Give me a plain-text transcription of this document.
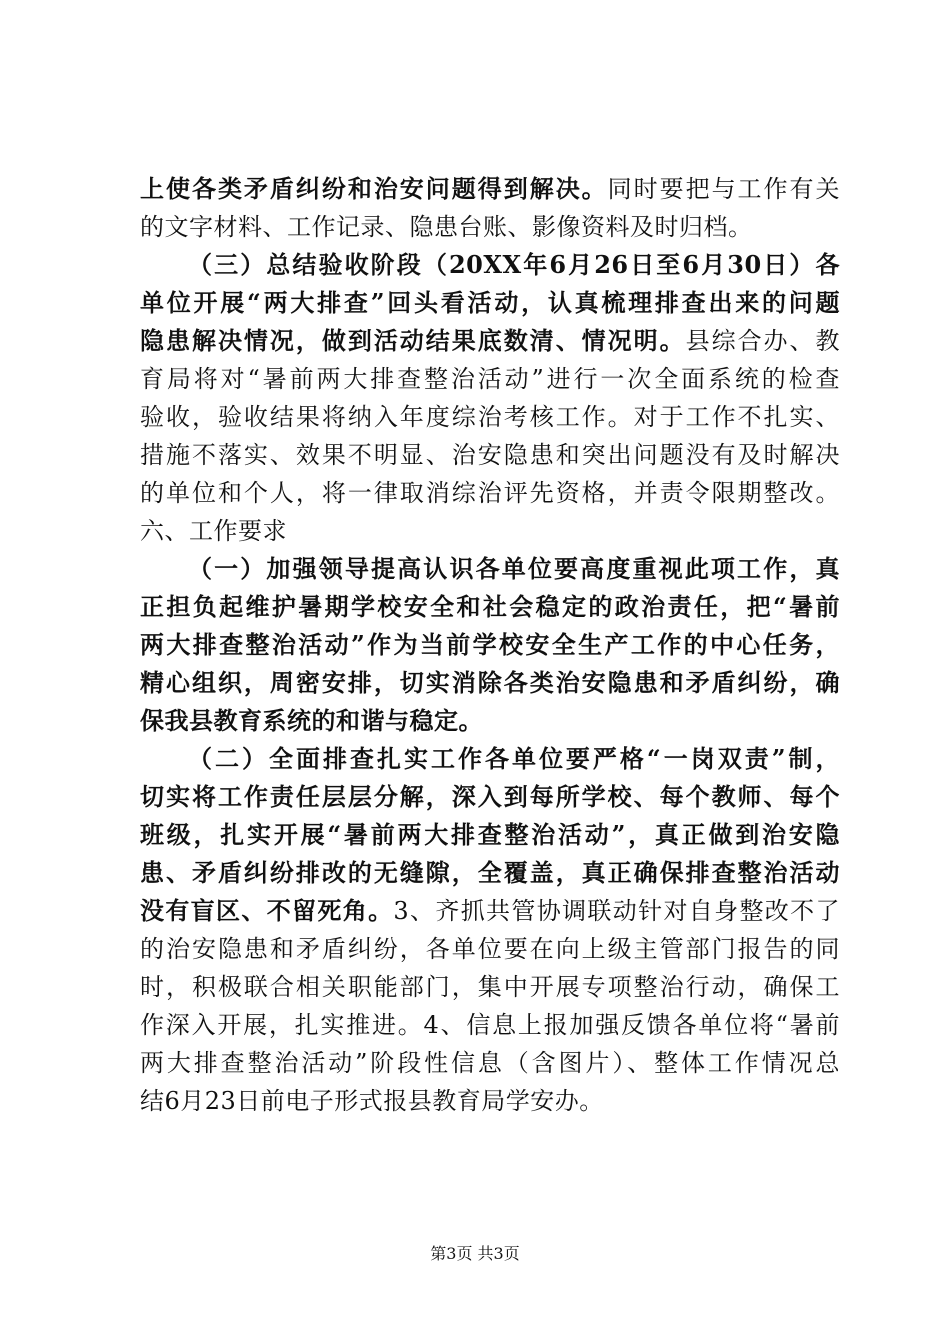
上使各类矛盾纠纷和治安问题得到解决。同时要把与工作有关
的文字材料、工作记录、隐患台账、影像资料及时归档。
（三）总结验收阶段（20XX年6月26日至6月30日）各
单位开展“两大排查”回头看活动，认真梳理排查出来的问题
隐患解决情况，做到活动结果底数清、情况明。县综合办、教
育局将对“暑前两大排查整治活动”进行一次全面系统的检查
验收，验收结果将纳入年度综治考核工作。对于工作不扎实、
措施不落实、效果不明显、治安隐患和突出问题没有及时解决
的单位和个人，将一律取消综治评先资格，并责令限期整改。
六、工作要求
（一）加强领导提高认识各单位要高度重视此项工作，真
正担负起维护暑期学校安全和社会稳定的政治责任，把“暑前
两大排查整治活动”作为当前学校安全生产工作的中心任务，
精心组织，周密安排，切实消除各类治安隐患和矛盾纠纷，确
保我县教育系统的和谐与稳定。
（二）全面排查扎实工作各单位要严格“一岗双责”制，
切实将工作责任层层分解，深入到每所学校、每个教师、每个
班级，扎实开展“暑前两大排查整治活动”，真正做到治安隐
患、矛盾纠纷排改的无缝隙，全覆盖，真正确保排查整治活动
没有盲区、不留死角。3、齐抓共管协调联动针对自身整改不了
的治安隐患和矛盾纠纷，各单位要在向上级主管部门报告的同
时，积极联合相关职能部门，集中开展专项整治行动，确保工
作深入开展，扎实推进。4、信息上报加强反馈各单位将“暑前
两大排查整治活动”阶段性信息（含图片）、整体工作情况总
结6月23日前电子形式报县教育局学安办。
第3页 共3页
